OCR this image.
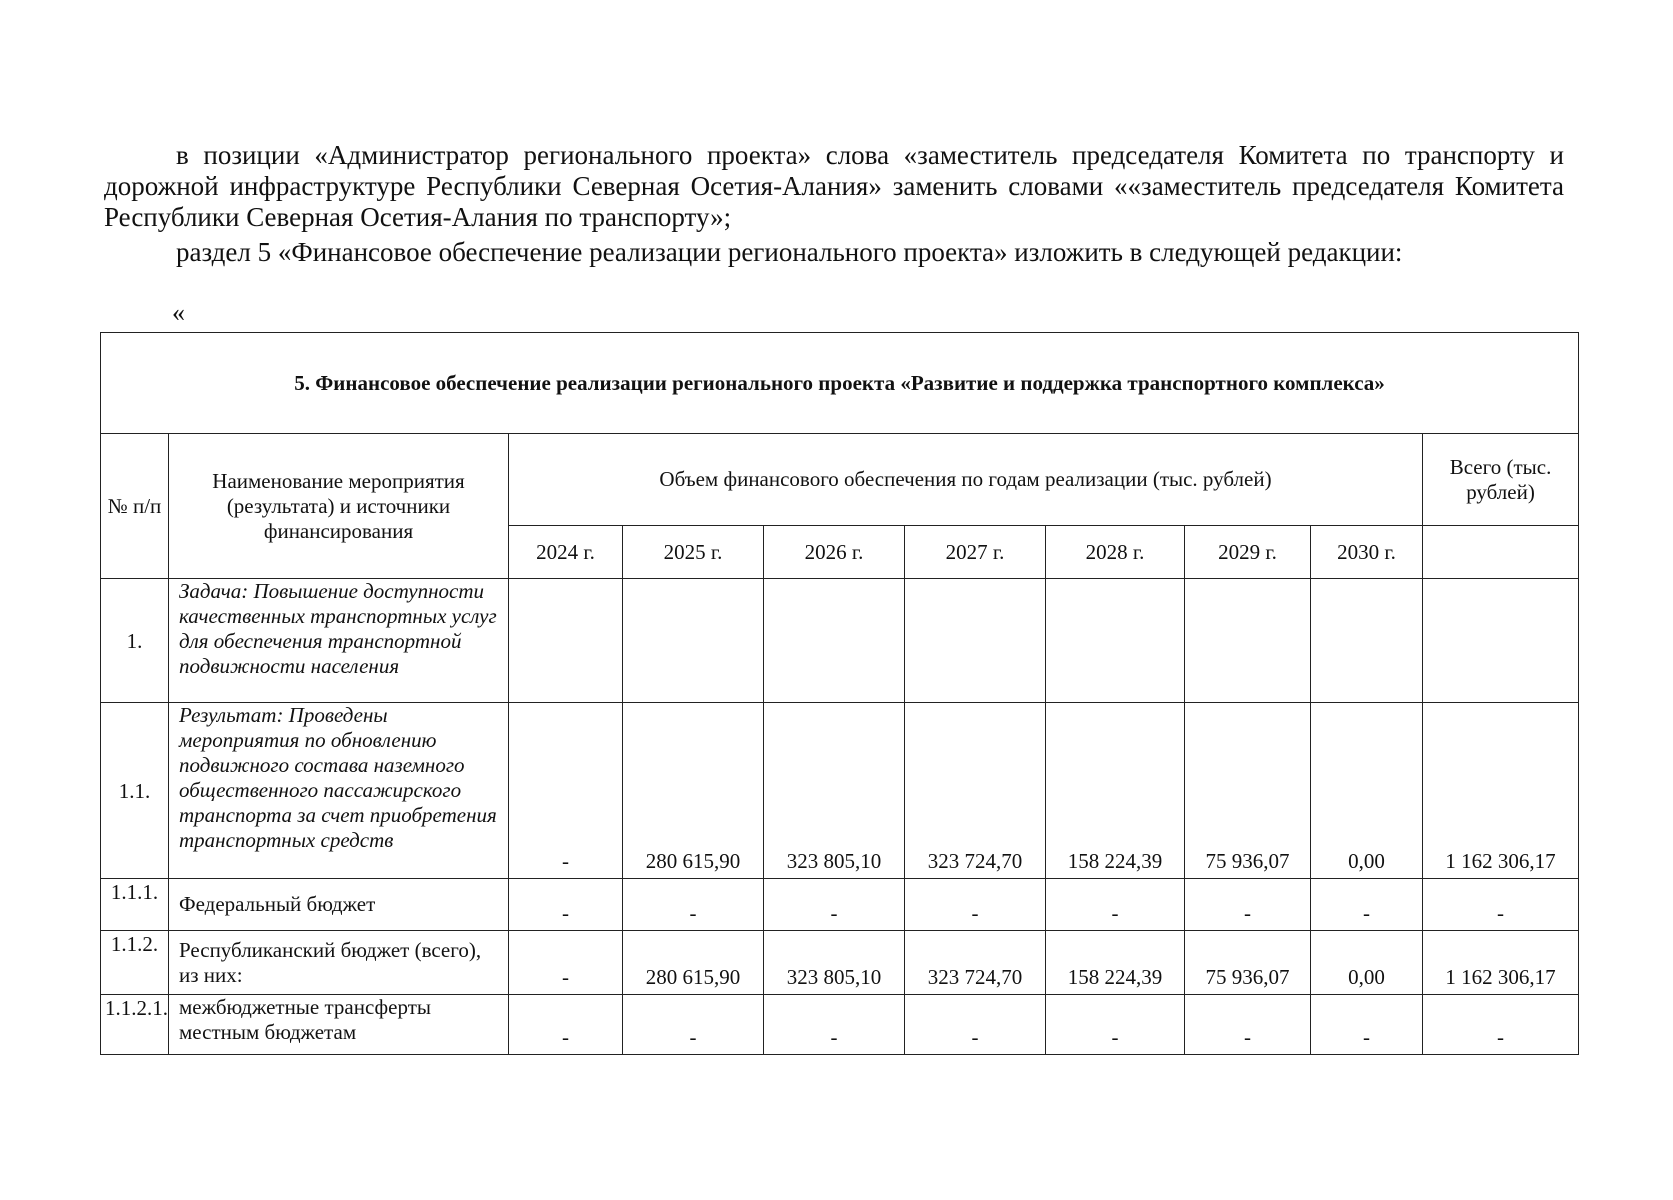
в позиции «Администратор регионального проекта» слова «заместитель председателя Комитета по транспорту и дорожной инфраструктуре Республики Северная Осетия-Алания» заменить словами ««заместитель председателя Комитета Республики Северная Осетия-Алания по транспорту»;

раздел 5 «Финансовое обеспечение реализации регионального проекта» изложить в следующей редакции:

«
5. Финансовое обеспечение реализации регионального проекта «Развитие и поддержка транспортного комплекса»									
№ п/п	Наименование мероприятия (результата) и источники финансирования	Объем финансового обеспечения по годам реализации (тыс. рублей)							Всего (тыс. рублей)
		2024 г.	2025 г.	2026 г.	2027 г.	2028 г.	2029 г.	2030 г.	
1.	Задача: Повышение доступности качественных транспортных услуг для обеспечения транспортной подвижности населения								
1.1.	Результат: Проведены мероприятия по обновлению подвижного состава наземного общественного пассажирского транспорта за счет приобретения транспортных средств	-	280 615,90	323 805,10	323 724,70	158 224,39	75 936,07	0,00	1 162 306,17
1.1.1.	Федеральный бюджет	-	-	-	-	-	-	-	-
1.1.2.	Республиканский бюджет (всего), из них:	-	280 615,90	323 805,10	323 724,70	158 224,39	75 936,07	0,00	1 162 306,17
1.1.2.1.	межбюджетные трансферты местным бюджетам	-	-	-	-	-	-	-	-
